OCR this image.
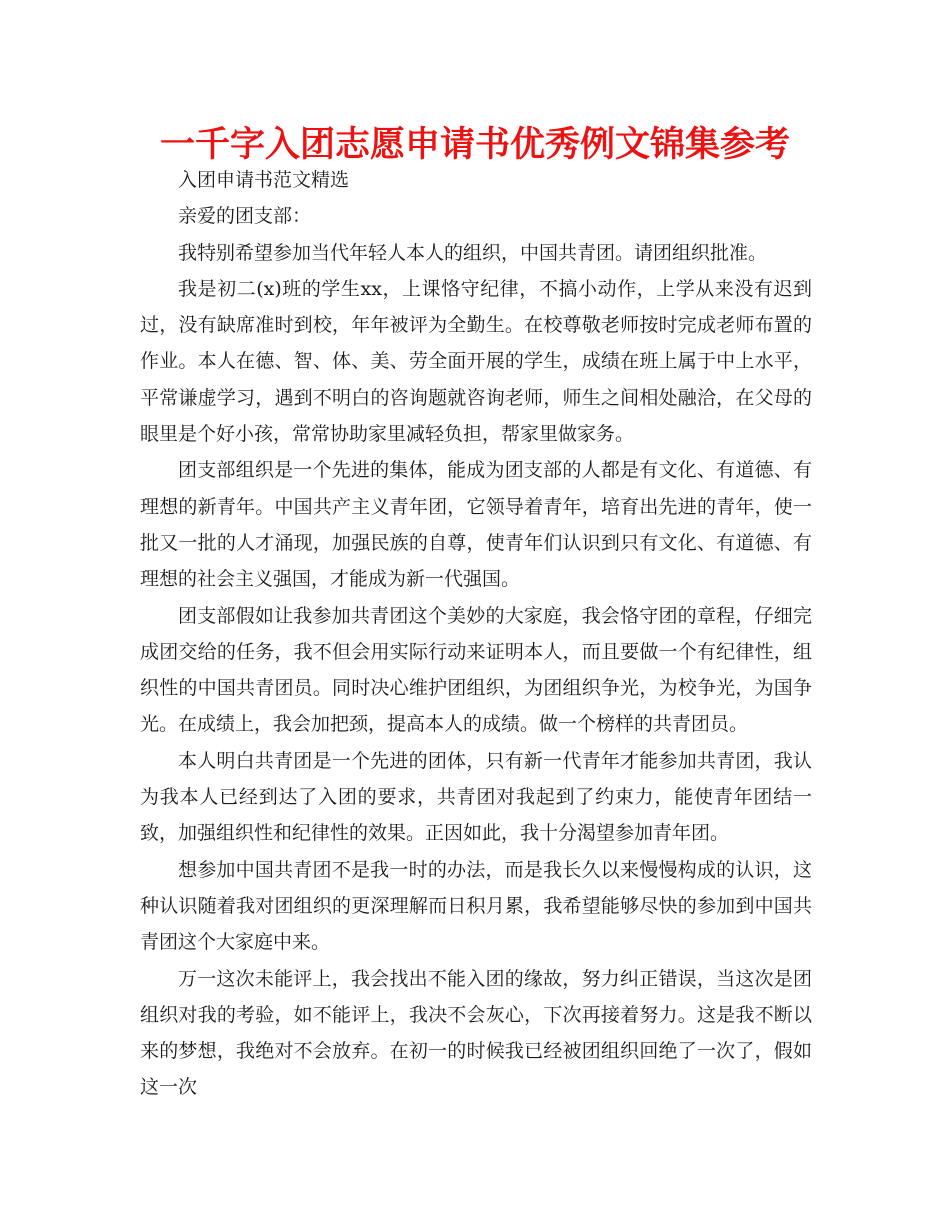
一千字入团志愿申请书优秀例文锦集参考

入团申请书范文精选

亲爱的团支部：

我特别希望参加当代年轻人本人的组织，中国共青团。请团组织批准。

我是初二(x)班的学生xx，上课恪守纪律，不搞小动作，上学从来没有迟到过，没有缺席准时到校，年年被评为全勤生。在校尊敬老师按时完成老师布置的作业。本人在德、智、体、美、劳全面开展的学生，成绩在班上属于中上水平，平常谦虚学习，遇到不明白的咨询题就咨询老师，师生之间相处融洽，在父母的眼里是个好小孩，常常协助家里减轻负担，帮家里做家务。

团支部组织是一个先进的集体，能成为团支部的人都是有文化、有道德、有理想的新青年。中国共产主义青年团，它领导着青年，培育出先进的青年，使一批又一批的人才涌现，加强民族的自尊，使青年们认识到只有文化、有道德、有理想的社会主义强国，才能成为新一代强国。

团支部假如让我参加共青团这个美妙的大家庭，我会恪守团的章程，仔细完成团交给的任务，我不但会用实际行动来证明本人，而且要做一个有纪律性，组织性的中国共青团员。同时决心维护团组织，为团组织争光，为校争光，为国争光。在成绩上，我会加把颈，提高本人的成绩。做一个榜样的共青团员。

本人明白共青团是一个先进的团体，只有新一代青年才能参加共青团，我认为我本人已经到达了入团的要求，共青团对我起到了约束力，能使青年团结一致，加强组织性和纪律性的效果。正因如此，我十分渴望参加青年团。

想参加中国共青团不是我一时的办法，而是我长久以来慢慢构成的认识，这种认识随着我对团组织的更深理解而日积月累，我希望能够尽快的参加到中国共青团这个大家庭中来。

万一这次未能评上，我会找出不能入团的缘故，努力纠正错误，当这次是团组织对我的考验，如不能评上，我决不会灰心，下次再接着努力。这是我不断以来的梦想，我绝对不会放弃。在初一的时候我已经被团组织回绝了一次了，假如这一次
